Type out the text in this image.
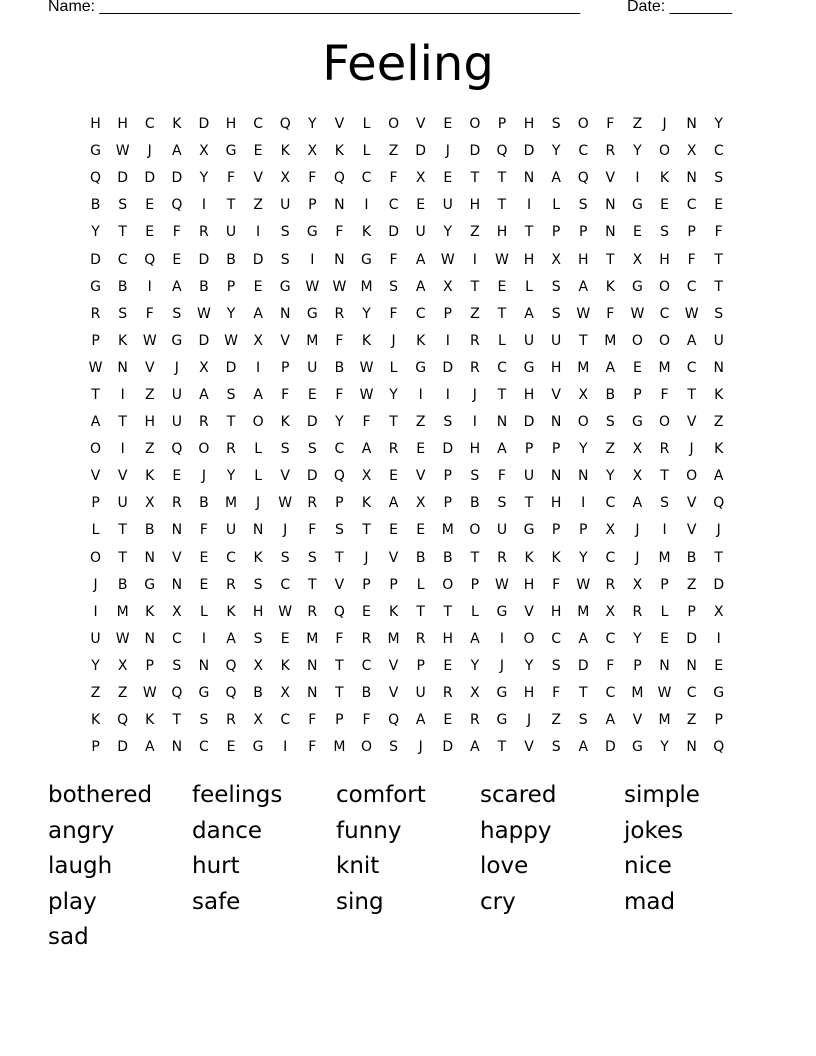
Name: ______________________________________________________	Date: _______
Feeling
H	H	C	K	D	H	C	Q	Y	V	L	O	V	E	O	P	H	S	O	F	Z	J	N	Y
G	W	J	A	X	G	E	K	X	K	L	Z	D	J	D	Q	D	Y	C	R	Y	O	X	C
Q	D	D	D	Y	F	V	X	F	Q	C	F	X	E	T	T	N	A	Q	V	I	K	N	S
B	S	E	Q	I	T	Z	U	P	N	I	C	E	U	H	T	I	L	S	N	G	E	C	E
Y	T	E	F	R	U	I	S	G	F	K	D	U	Y	Z	H	T	P	P	N	E	S	P	F
D	C	Q	E	D	B	D	S	I	N	G	F	A	W	I	W	H	X	H	T	X	H	F	T
G	B	I	A	B	P	E	G	W W	M	S	A	X	T	E	L	S	A	K	G	O	C	T
R	S	F	S	W	Y	A	N	G	R	Y	F	C	P	Z	T	A	S	W	F	W	C	W	S
P	K	W	G	D	W	X	V	M	F	K	J	K	I	R	L	U	U	T	M	O	O	A	U
W	N	V	J	X	D	I	P	U	B	W	L	G	D	R	C	G	H	M	A	E	M	C	N
T	I	Z	U	A	S	A	F	E	F	W	Y	I	I	J	T	H	V	X	B	P	F	T	K
A	T	H	U	R	T	O	K	D	Y	F	T	Z	S	I	N	D	N	O	S	G	O	V	Z
O	I	Z	Q	O	R	L	S	S	C	A	R	E	D	H	A	P	P	Y	Z	X	R	J	K
V	V	K	E	J	Y	L	V	D	Q	X	E	V	P	S	F	U	N	N	Y	X	T	O	A
P	U	X	R	B	M	J	W	R	P	K	A	X	P	B	S	T	H	I	C	A	S	V	Q
L	T	B	N	F	U	N	J	F	S	T	E	E	M	O	U	G	P	P	X	J	I	V	J
O	T	N	V	E	C	K	S	S	T	J	V	B	B	T	R	K	K	Y	C	J	M	B	T
J	B	G	N	E	R	S	C	T	V	P	P	L	O	P	W	H	F	W	R	X	P	Z	D
I	M	K	X	L	K	H	W	R	Q	E	K	T	T	L	G	V	H	M	X	R	L	P	X
U	W	N	C	I	A	S	E	M	F	R	M	R	H	A	I	O	C	A	C	Y	E	D	I
Y	X	P	S	N	Q	X	K	N	T	C	V	P	E	Y	J	Y	S	D	F	P	N	N	E
Z	Z	W	Q	G	Q	B	X	N	T	B	V	U	R	X	G	H	F	T	C	M	W	C	G
K	Q	K	T	S	R	X	C	F	P	F	Q	A	E	R	G	J	Z	S	A	V	M	Z	P
P	D	A	N	C	E	G	I	F	M	O	S	J	D	A	T	V	S	A	D	G	Y	N	Q
bothered	feelings	comfort	scared	simple
angry	dance	funny	happy	jokes
laugh	hurt	knit	love	nice
play	safe	sing	cry	mad
sad
